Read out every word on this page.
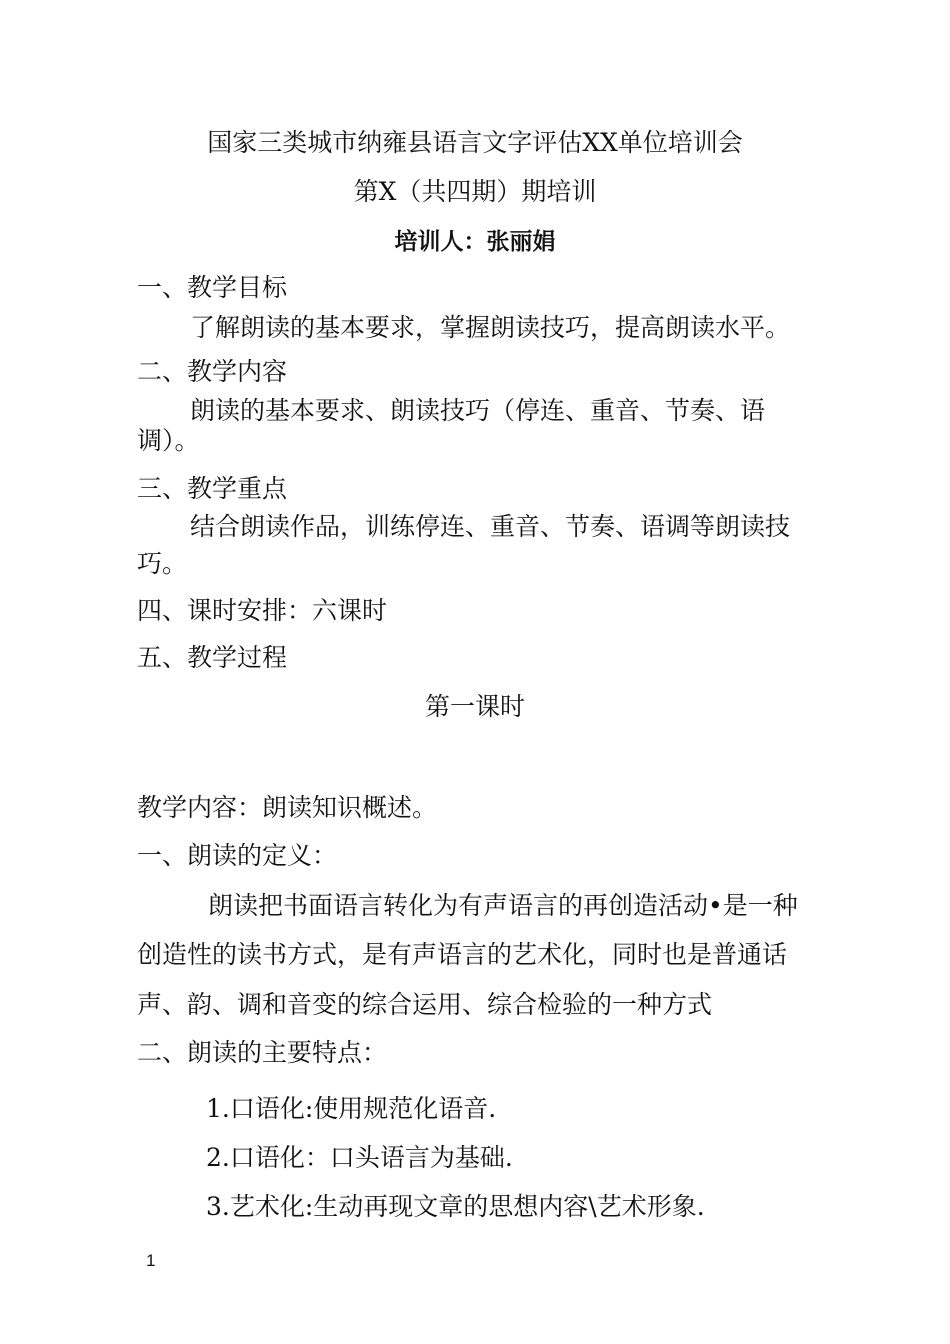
国家三类城市纳雍县语言文字评估XX单位培训会
第X（共四期）期培训
培训人：张丽娟
一、教学目标
了解朗读的基本要求，掌握朗读技巧，提高朗读水平。
二、教学内容
朗读的基本要求、朗读技巧（停连、重音、节奏、语
调）。
三、教学重点
结合朗读作品，训练停连、重音、节奏、语调等朗读技
巧。
四、课时安排：六课时
五、教学过程
第一课时
教学内容：朗读知识概述。
一、朗读的定义：
朗读把书面语言转化为有声语言的再创造活动•是一种
创造性的读书方式，是有声语言的艺术化，同时也是普通话
声、韵、调和音变的综合运用、综合检验的一种方式
二、朗读的主要特点：
1.口语化:使用规范化语音.
2.口语化：口头语言为基础.
3.艺术化:生动再现文章的思想内容\艺术形象.
1
